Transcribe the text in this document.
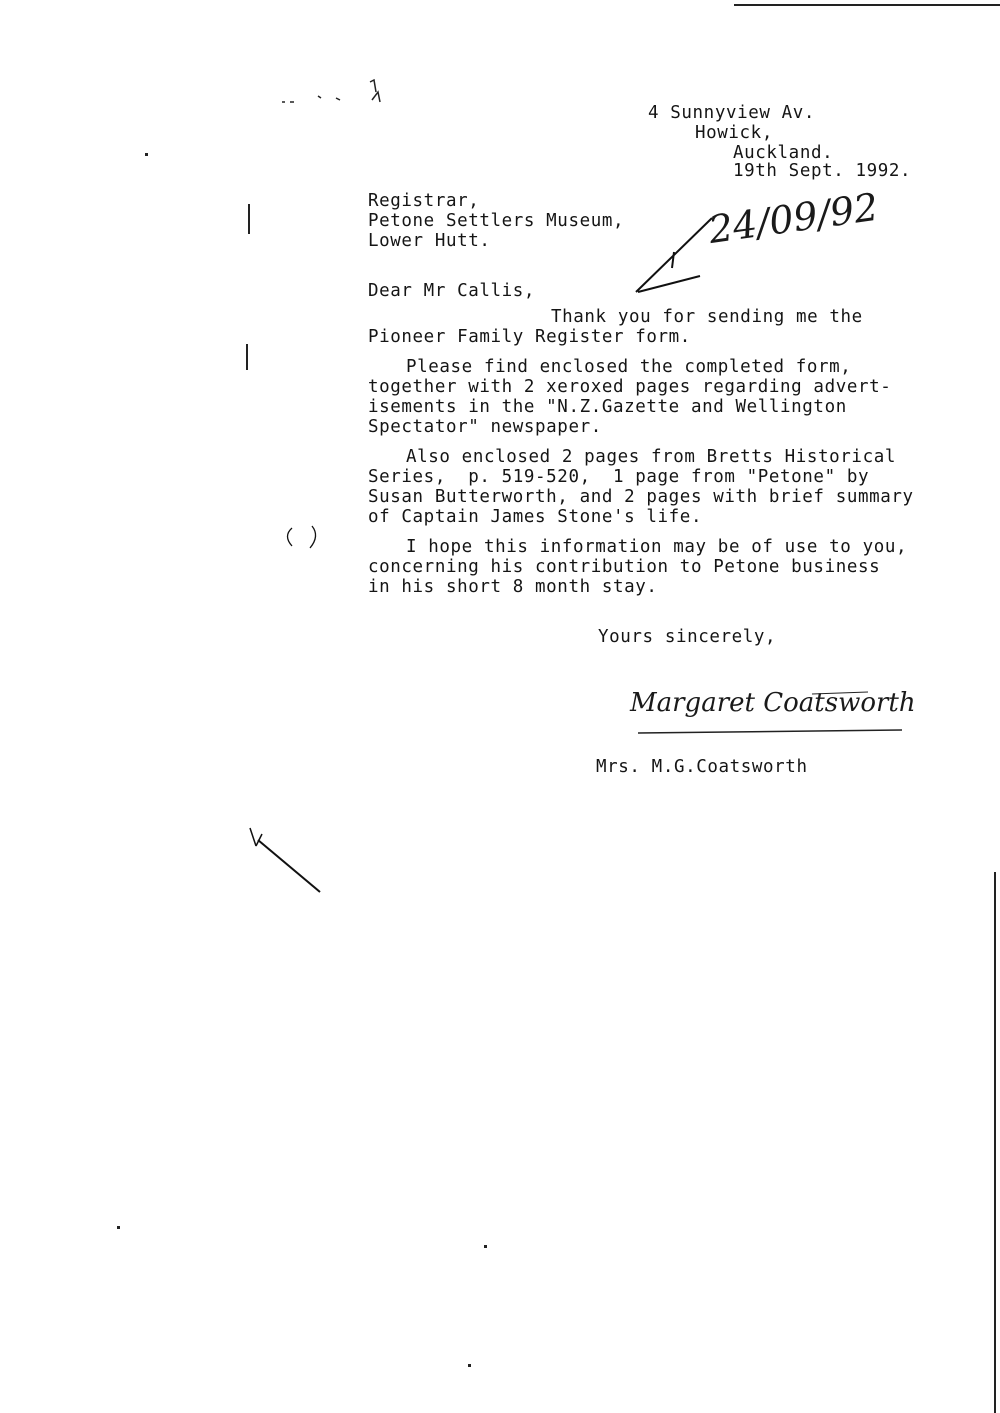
4 Sunnyview Av.
Howick,
Auckland.
19th Sept. 1992.
Registrar,
Petone Settlers Museum,
Lower Hutt.	24/09/92
Dear Mr Callis,
Thank you for sending me the
Pioneer Family Register form.
Please find enclosed the completed form,
together with 2 xeroxed pages regarding advert-
isements in the "N.Z.Gazette and Wellington
Spectator" newspaper.
Also enclosed 2 pages from Bretts Historical
Series,  p. 519-520,  1 page from "Petone" by
Susan Butterworth, and 2 pages with brief summary
of Captain James Stone's life.
I hope this information may be of use to you,
concerning his contribution to Petone business
in his short 8 month stay.
Yours sincerely,
Margaret Coatsworth
Mrs. M.G.Coatsworth
